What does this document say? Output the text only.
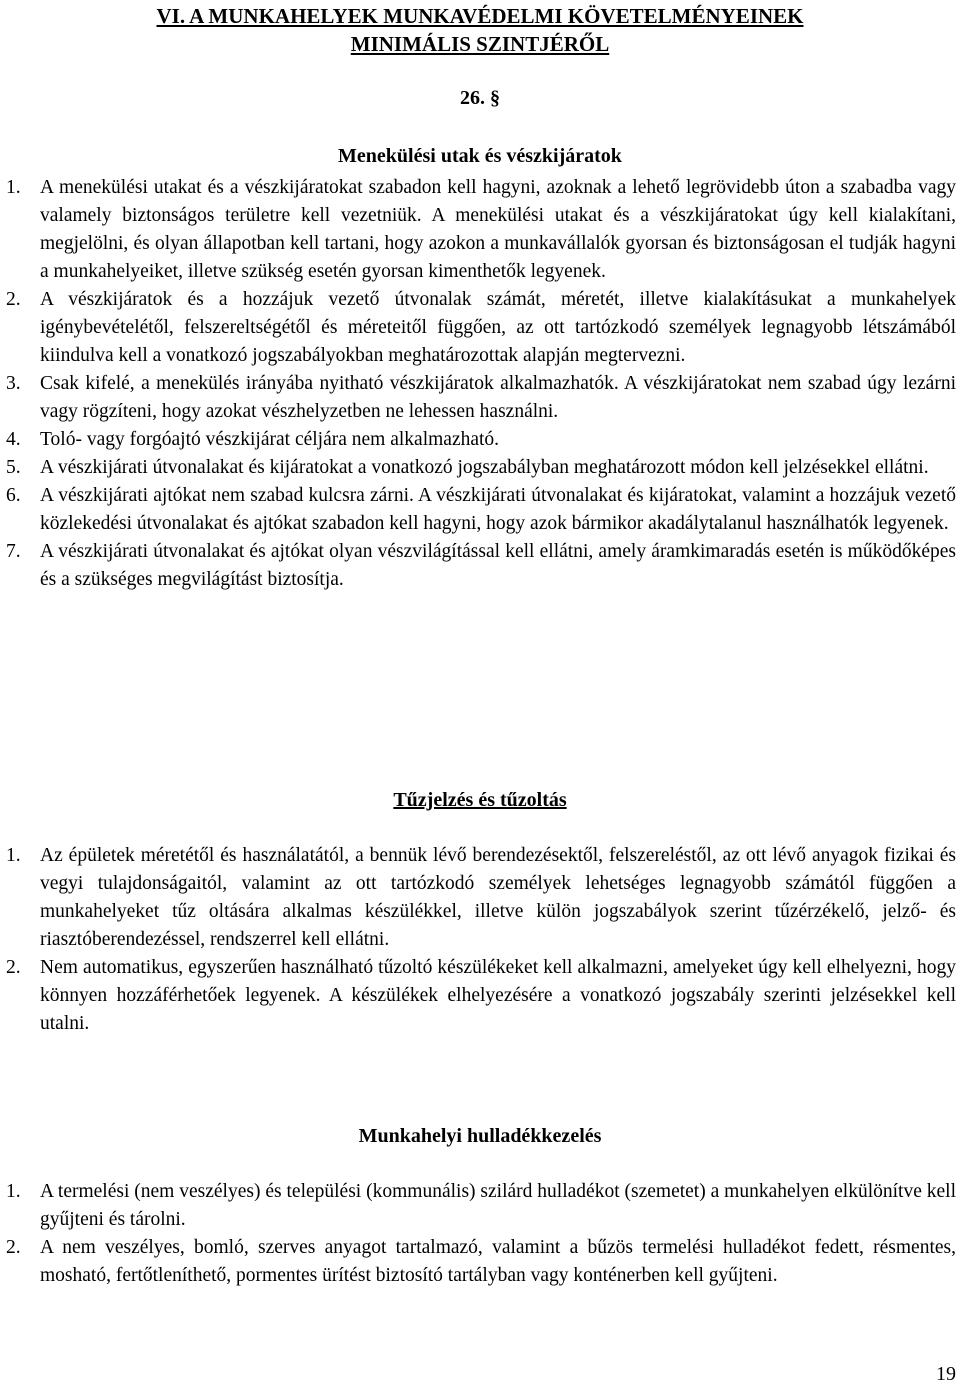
VI. A MUNKAHELYEK MUNKAVÉDELMI KÖVETELMÉNYEINEK
MINIMÁLIS SZINTJÉRŐL
26. §
Menekülési utak és vészkijáratok
1. A menekülési utakat és a vészkijáratokat szabadon kell hagyni, azoknak a lehető legrövidebb úton a szabadba vagy valamely biztonságos területre kell vezetniük. A menekülési utakat és a vészkijáratokat úgy kell kialakítani, megjelölni, és olyan állapotban kell tartani, hogy azokon a munkavállalók gyorsan és biztonságosan el tudják hagyni a munkahelyeiket, illetve szükség esetén gyorsan kimenthetők legyenek.
2. A vészkijáratok és a hozzájuk vezető útvonalak számát, méretét, illetve kialakításukat a munkahelyek igénybevételétől, felszereltségétől és méreteitől függően, az ott tartózkodó személyek legnagyobb létszámából kiindulva kell a vonatkozó jogszabályokban meghatározottak alapján megtervezni.
3. Csak kifelé, a menekülés irányába nyitható vészkijáratok alkalmazhatók. A vészkijáratokat nem szabad úgy lezárni vagy rögzíteni, hogy azokat vészhelyzetben ne lehessen használni.
4. Toló- vagy forgóajtó vészkijárat céljára nem alkalmazható.
5. A vészkijárati útvonalakat és kijáratokat a vonatkozó jogszabályban meghatározott módon kell jelzésekkel ellátni.
6. A vészkijárati ajtókat nem szabad kulcsra zárni. A vészkijárati útvonalakat és kijáratokat, valamint a hozzájuk vezető közlekedési útvonalakat és ajtókat szabadon kell hagyni, hogy azok bármikor akadálytalanul használhatók legyenek.
7. A vészkijárati útvonalakat és ajtókat olyan vészvilágítással kell ellátni, amely áramkimaradás esetén is működőképes és a szükséges megvilágítást biztosítja.
Tűzjelzés és tűzoltás
1. Az épületek méretétől és használatától, a bennük lévő berendezésektől, felszereléstől, az ott lévő anyagok fizikai és vegyi tulajdonságaitól, valamint az ott tartózkodó személyek lehetséges legnagyobb számától függően a munkahelyeket tűz oltására alkalmas készülékkel, illetve külön jogszabályok szerint tűzérzékelő, jelző- és riasztóberendezéssel, rendszerrel kell ellátni.
2. Nem automatikus, egyszerűen használható tűzoltó készülékeket kell alkalmazni, amelyeket úgy kell elhelyezni, hogy könnyen hozzáférhetőek legyenek. A készülékek elhelyezésére a vonatkozó jogszabály szerinti jelzésekkel kell utalni.
Munkahelyi hulladékkezelés
1. A termelési (nem veszélyes) és települési (kommunális) szilárd hulladékot (szemetet) a munkahelyen elkülönítve kell gyűjteni és tárolni.
2. A nem veszélyes, bomló, szerves anyagot tartalmazó, valamint a bűzös termelési hulladékot fedett, résmentes, mosható, fertőtleníthető, pormentes ürítést biztosító tartályban vagy konténerben kell gyűjteni.
19
